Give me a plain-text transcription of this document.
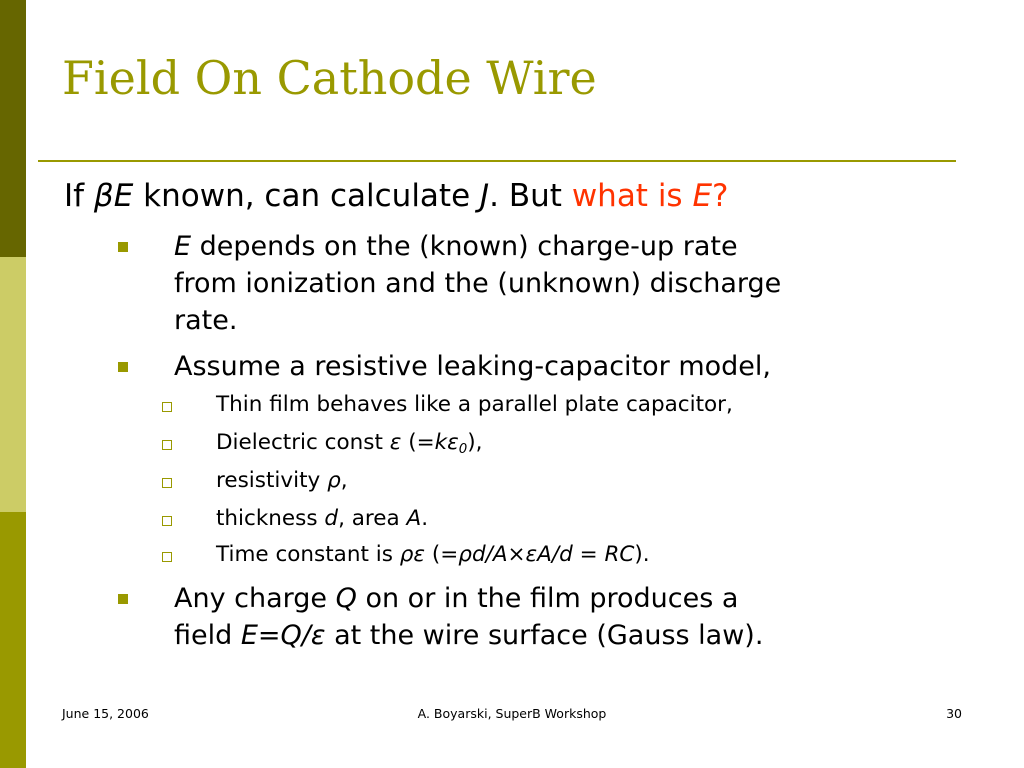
Field On Cathode Wire
If βE known, can calculate J. But what is E?
E depends on the (known) charge-up rate
from ionization and the (unknown) discharge
rate.
Assume a resistive leaking-capacitor model,
Thin film behaves like a parallel plate capacitor,
Dielectric const ε $(=k\varepsilon_0)$,
resistivity ρ,
thickness d, area A.
Time constant is ρε (=ρd/A×εA/d = RC).
Any charge Q on or in the film produces a
field E=Q/ε at the wire surface (Gauss law).
June 15, 2006	A. Boyarski, SuperB Workshop	30
